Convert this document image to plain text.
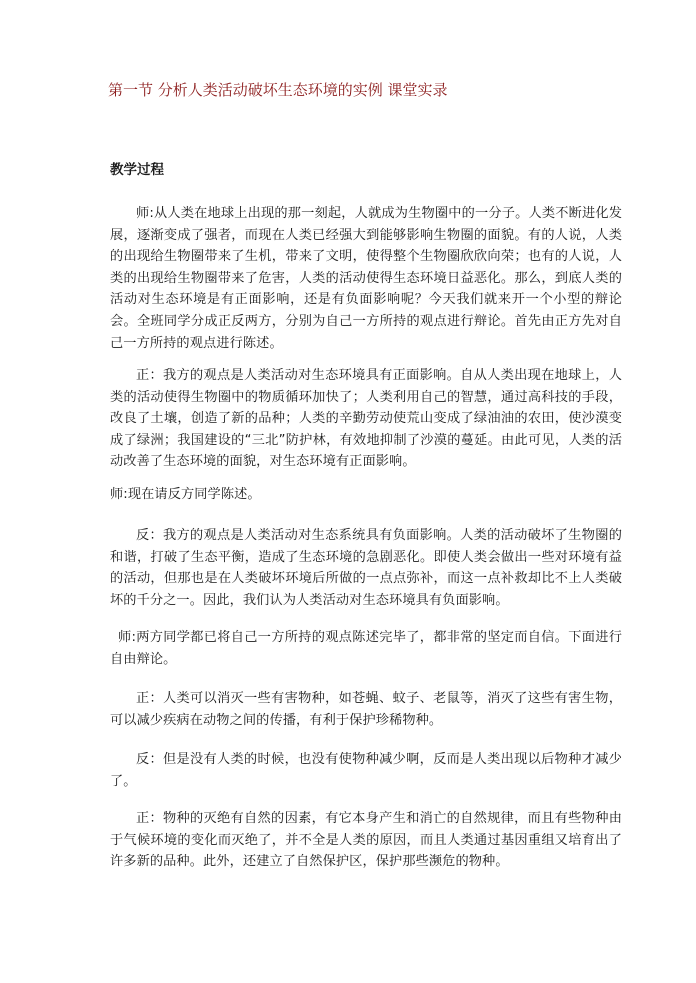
第一节 分析人类活动破坏生态环境的实例 课堂实录
教学过程

师:从人类在地球上出现的那一刻起，人就成为生物圈中的一分子。人类不断进化发展，逐渐变成了强者，而现在人类已经强大到能够影响生物圈的面貌。有的人说，人类的出现给生物圈带来了生机，带来了文明，使得整个生物圈欣欣向荣；也有的人说，人类的出现给生物圈带来了危害，人类的活动使得生态环境日益恶化。那么，到底人类的活动对生态环境是有正面影响，还是有负面影响呢？今天我们就来开一个小型的辩论会。全班同学分成正反两方，分别为自己一方所持的观点进行辩论。首先由正方先对自己一方所持的观点进行陈述。

正：我方的观点是人类活动对生态环境具有正面影响。自从人类出现在地球上，人类的活动使得生物圈中的物质循环加快了；人类利用自己的智慧，通过高科技的手段，改良了土壤，创造了新的品种；人类的辛勤劳动使荒山变成了绿油油的农田，使沙漠变成了绿洲；我国建设的“三北”防护林，有效地抑制了沙漠的蔓延。由此可见，人类的活动改善了生态环境的面貌，对生态环境有正面影响。

师:现在请反方同学陈述。

反：我方的观点是人类活动对生态系统具有负面影响。人类的活动破坏了生物圈的和谐，打破了生态平衡，造成了生态环境的急剧恶化。即使人类会做出一些对环境有益的活动，但那也是在人类破坏环境后所做的一点点弥补，而这一点补救却比不上人类破坏的千分之一。因此，我们认为人类活动对生态环境具有负面影响。

师:两方同学都已将自己一方所持的观点陈述完毕了，都非常的坚定而自信。下面进行自由辩论。

正：人类可以消灭一些有害物种，如苍蝇、蚊子、老鼠等，消灭了这些有害生物，可以减少疾病在动物之间的传播，有利于保护珍稀物种。

反：但是没有人类的时候，也没有使物种减少啊，反而是人类出现以后物种才减少了。

正：物种的灭绝有自然的因素，有它本身产生和消亡的自然规律，而且有些物种由于气候环境的变化而灭绝了，并不全是人类的原因，而且人类通过基因重组又培育出了许多新的品种。此外，还建立了自然保护区，保护那些濒危的物种。
